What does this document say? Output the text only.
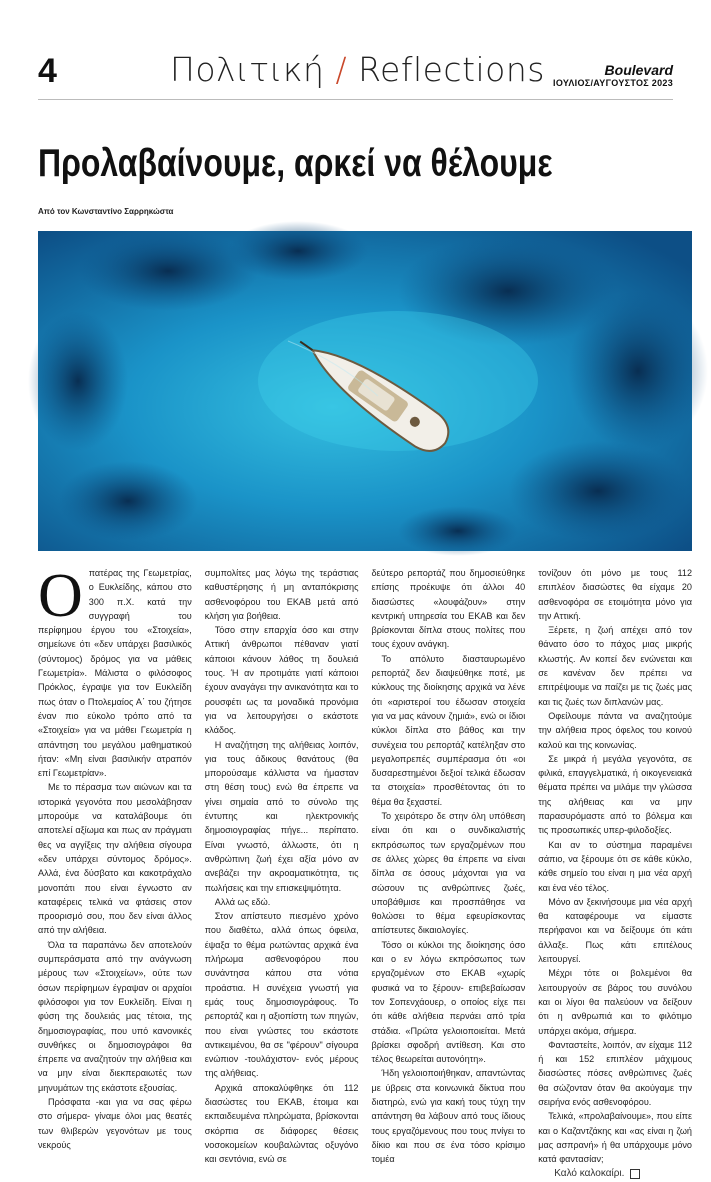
4	Πολιτική / Reflections	Boulevard
ΙΟΥΛΙΟΣ/ΑΥΓΟΥΣΤΟΣ 2023
Προλαβαίνουμε, αρκεί να θέλουμε
Από τον Κωνσταντίνο Σαρρηκώστα
Ο πατέρας της Γεωμετρίας, ο Ευκλείδης, κάπου στο 300 π.Χ. κατά την συγγραφή του περίφημου έργου του «Στοιχεία», σημείωνε ότι «δεν υπάρχει βασιλικός (σύντομος) δρόμος για να μάθεις Γεωμετρία». Μάλιστα ο φιλόσοφος Πρόκλος, έγραψε για τον Ευκλείδη πως όταν ο Πτολεμαίος Α΄ του ζήτησε έναν πιο εύκολο τρόπο από τα «Στοιχεία» για να μάθει Γεωμετρία η απάντηση του μεγάλου μαθηματικού ήταν: «Μη είναι βασιλικήν ατραπόν επί Γεωμετρίαν».

Με το πέρασμα των αιώνων και τα ιστορικά γεγονότα που μεσολάβησαν μπορούμε να καταλάβουμε ότι αποτελεί αξίωμα και πως αν πράγματι θες να αγγίξεις την αλήθεια σίγουρα «δεν υπάρχει σύντομος δρόμος». Αλλά, ένα δύσβατο και κακοτράχαλο μονοπάτι που είναι έγνωστο αν καταφέρεις τελικά να φτάσεις στον προορισμό σου, που δεν είναι άλλος από την αλήθεια.

Όλα τα παραπάνω δεν αποτελούν συμπεράσματα από την ανάγνωση μέρους των «Στοιχείων», ούτε των όσων περίφημων έγραψαν οι αρχαίοι φιλόσοφοι για τον Ευκλείδη. Είναι η φύση της δουλειάς μας τέτοια, της δημοσιογραφίας, που υπό κανονικές συνθήκες οι δημοσιογράφοι θα έπρεπε να αναζητούν την αλήθεια και να μην είναι διεκπεραιωτές των μηνυμάτων της εκάστοτε εξουσίας.

Πρόσφατα -και για να σας φέρω στο σήμερα- γίναμε όλοι μας θεατές των θλιβερών γεγονότων με τους νεκρούς

συμπολίτες μας λόγω της τεράστιας καθυστέρησης ή μη ανταπόκρισης ασθενοφόρου του ΕΚΑΒ μετά από κλήση για βοήθεια.

Τόσο στην επαρχία όσο και στην Αττική άνθρωποι πέθαναν γιατί κάποιοι κάνουν λάθος τη δουλειά τους. Ή αν προτιμάτε γιατί κάποιοι έχουν αναγάγει την ανικανότητα και το ρουσφέτι ως τα μοναδικά προνόμια για να λειτουργήσει ο εκάστοτε κλάδος.

Η αναζήτηση της αλήθειας λοιπόν, για τους άδικους θανάτους (θα μπορούσαμε κάλλιστα να ήμασταν στη θέση τους) ενώ θα έπρεπε να γίνει σημαία από το σύνολο της έντυπης και ηλεκτρονικής δημοσιογραφίας πήγε... περίπατο. Είναι γνωστό, άλλωστε, ότι η ανθρώπινη ζωή έχει αξία μόνο αν ανεβάζει την ακροαματικότητα, τις πωλήσεις και την επισκεψιμότητα.

Αλλά ως εδώ.

Στον απίστευτο πιεσμένο χρόνο που διαθέτω, αλλά όπως όφειλα, έψαξα το θέμα ρωτώντας αρχικά ένα πλήρωμα ασθενοφόρου που συνάντησα κάπου στα νότια προάστια. Η συνέχεια γνωστή για εμάς τους δημοσιογράφους. Το ρεπορτάζ και η αξιοπίστη των πηγών, που είναι γνώστες του εκάστοτε αντικειμένου, θα σε "φέρουν" σίγουρα ενώπιον -τουλάχιστον- ενός μέρους της αλήθειας.

Αρχικά αποκαλύφθηκε ότι 112 διασώστες του ΕΚΑΒ, έτοιμα και εκπαιδευμένα πληρώματα, βρίσκονται σκόρπια σε διάφορες θέσεις νοσοκομείων κουβαλώντας οξυγόνο και σεντόνια, ενώ σε

δεύτερο ρεπορτάζ που δημοσιεύθηκε επίσης προέκυψε ότι άλλοι 40 διασώστες «λουφάζουν» στην κεντρική υπηρεσία του ΕΚΑΒ και δεν βρίσκονται δίπλα στους πολίτες που τους έχουν ανάγκη.

Το απόλυτο διασταυρωμένο ρεπορτάζ δεν διαψεύθηκε ποτέ, με κύκλους της διοίκησης αρχικά να λένε ότι «αριστεροί του έδωσαν στοιχεία για να μας κάνουν ζημιά», ενώ οι ίδιοι κύκλοι δίπλα στο βάθος και την συνέχεια του ρεπορτάζ κατέληξαν στο μεγαλοπρεπές συμπέρασμα ότι «οι δυσαρεστημένοι δεξιοί τελικά έδωσαν τα στοιχεία» προσθέτοντας ότι το θέμα θα ξεχαστεί.

Το χειρότερο δε στην όλη υπόθεση είναι ότι και ο συνδικαλιστής εκπρόσωπος των εργαζομένων που σε άλλες χώρες θα έπρεπε να είναι δίπλα σε όσους μάχονται για να σώσουν τις ανθρώπινες ζωές, υποβάθμισε και προσπάθησε να θολώσει το θέμα εφευρίσκοντας απίστευτες δικαιολογίες.

Τόσο οι κύκλοι της διοίκησης όσο και ο εν λόγω εκπρόσωπος των εργαζομένων στο ΕΚΑΒ «χωρίς φυσικά να το ξέρουν- επιβεβαίωσαν τον Σοπενχάουερ, ο οποίος είχε πει ότι κάθε αλήθεια περνάει από τρία στάδια. «Πρώτα γελοιοποιείται. Μετά βρίσκει σφοδρή αντίθεση. Και στο τέλος θεωρείται αυτονόητη».

Ήδη γελοιοποιήθηκαν, απαντώντας με ύβρεις στα κοινωνικά δίκτυα που διατηρώ, ενώ για κακή τους τύχη την απάντηση θα λάβουν από τους ίδιους τους εργαζόμενους που τους πνίγει το δίκιο και που σε ένα τόσο κρίσιμο τομέα

τονίζουν ότι μόνο με τους 112 επιπλέον διασώστες θα είχαμε 20 ασθενοφόρα σε ετοιμότητα μόνο για την Αττική.

Ξέρετε, η ζωή απέχει από τον θάνατο όσο το πάχος μιας μικρής κλωστής. Αν κοπεί δεν ενώνεται και σε κανέναν δεν πρέπει να επιτρέψουμε να παίζει με τις ζωές μας και τις ζωές των διπλανών μας.

Οφείλουμε πάντα να αναζητούμε την αλήθεια προς όφελος του κοινού καλού και της κοινωνίας.

Σε μικρά ή μεγάλα γεγονότα, σε φιλικά, επαγγελματικά, ή οικογενειακά θέματα πρέπει να μιλάμε την γλώσσα της αλήθειας και να μην παρασυρόμαστε από το βόλεμα και τις προσωπικές υπερ-φιλοδοξίες.

Και αν το σύστημα παραμένει σάπιο, να ξέρουμε ότι σε κάθε κύκλο, κάθε σημείο του είναι η μια νέα αρχή και ένα νέο τέλος.

Μόνο αν ξεκινήσουμε μια νέα αρχή θα καταφέρουμε να είμαστε περήφανοι και να δείξουμε ότι κάτι άλλαξε. Πως κάτι επιτέλους λειτουργεί.

Μέχρι τότε οι βολεμένοι θα λειτουργούν σε βάρος του συνόλου και οι λίγοι θα παλεύουν να δείξουν ότι η ανθρωπιά και το φιλότιμο υπάρχει ακόμα, σήμερα.

Φανταστείτε, λοιπόν, αν είχαμε 112 ή και 152 επιπλέον μάχιμους διασώστες πόσες ανθρώπινες ζωές θα σώζονταν όταν θα ακούγαμε την σειρήνα ενός ασθενοφόρου.

Τελικά, «προλαβαίνουμε», που είπε και ο Καζαντζάκης και «ας είναι η ζωή μας ασπρανή» ή θα υπάρχουμε μόνο κατά φαντασίαν;

Καλό καλοκαίρι.
